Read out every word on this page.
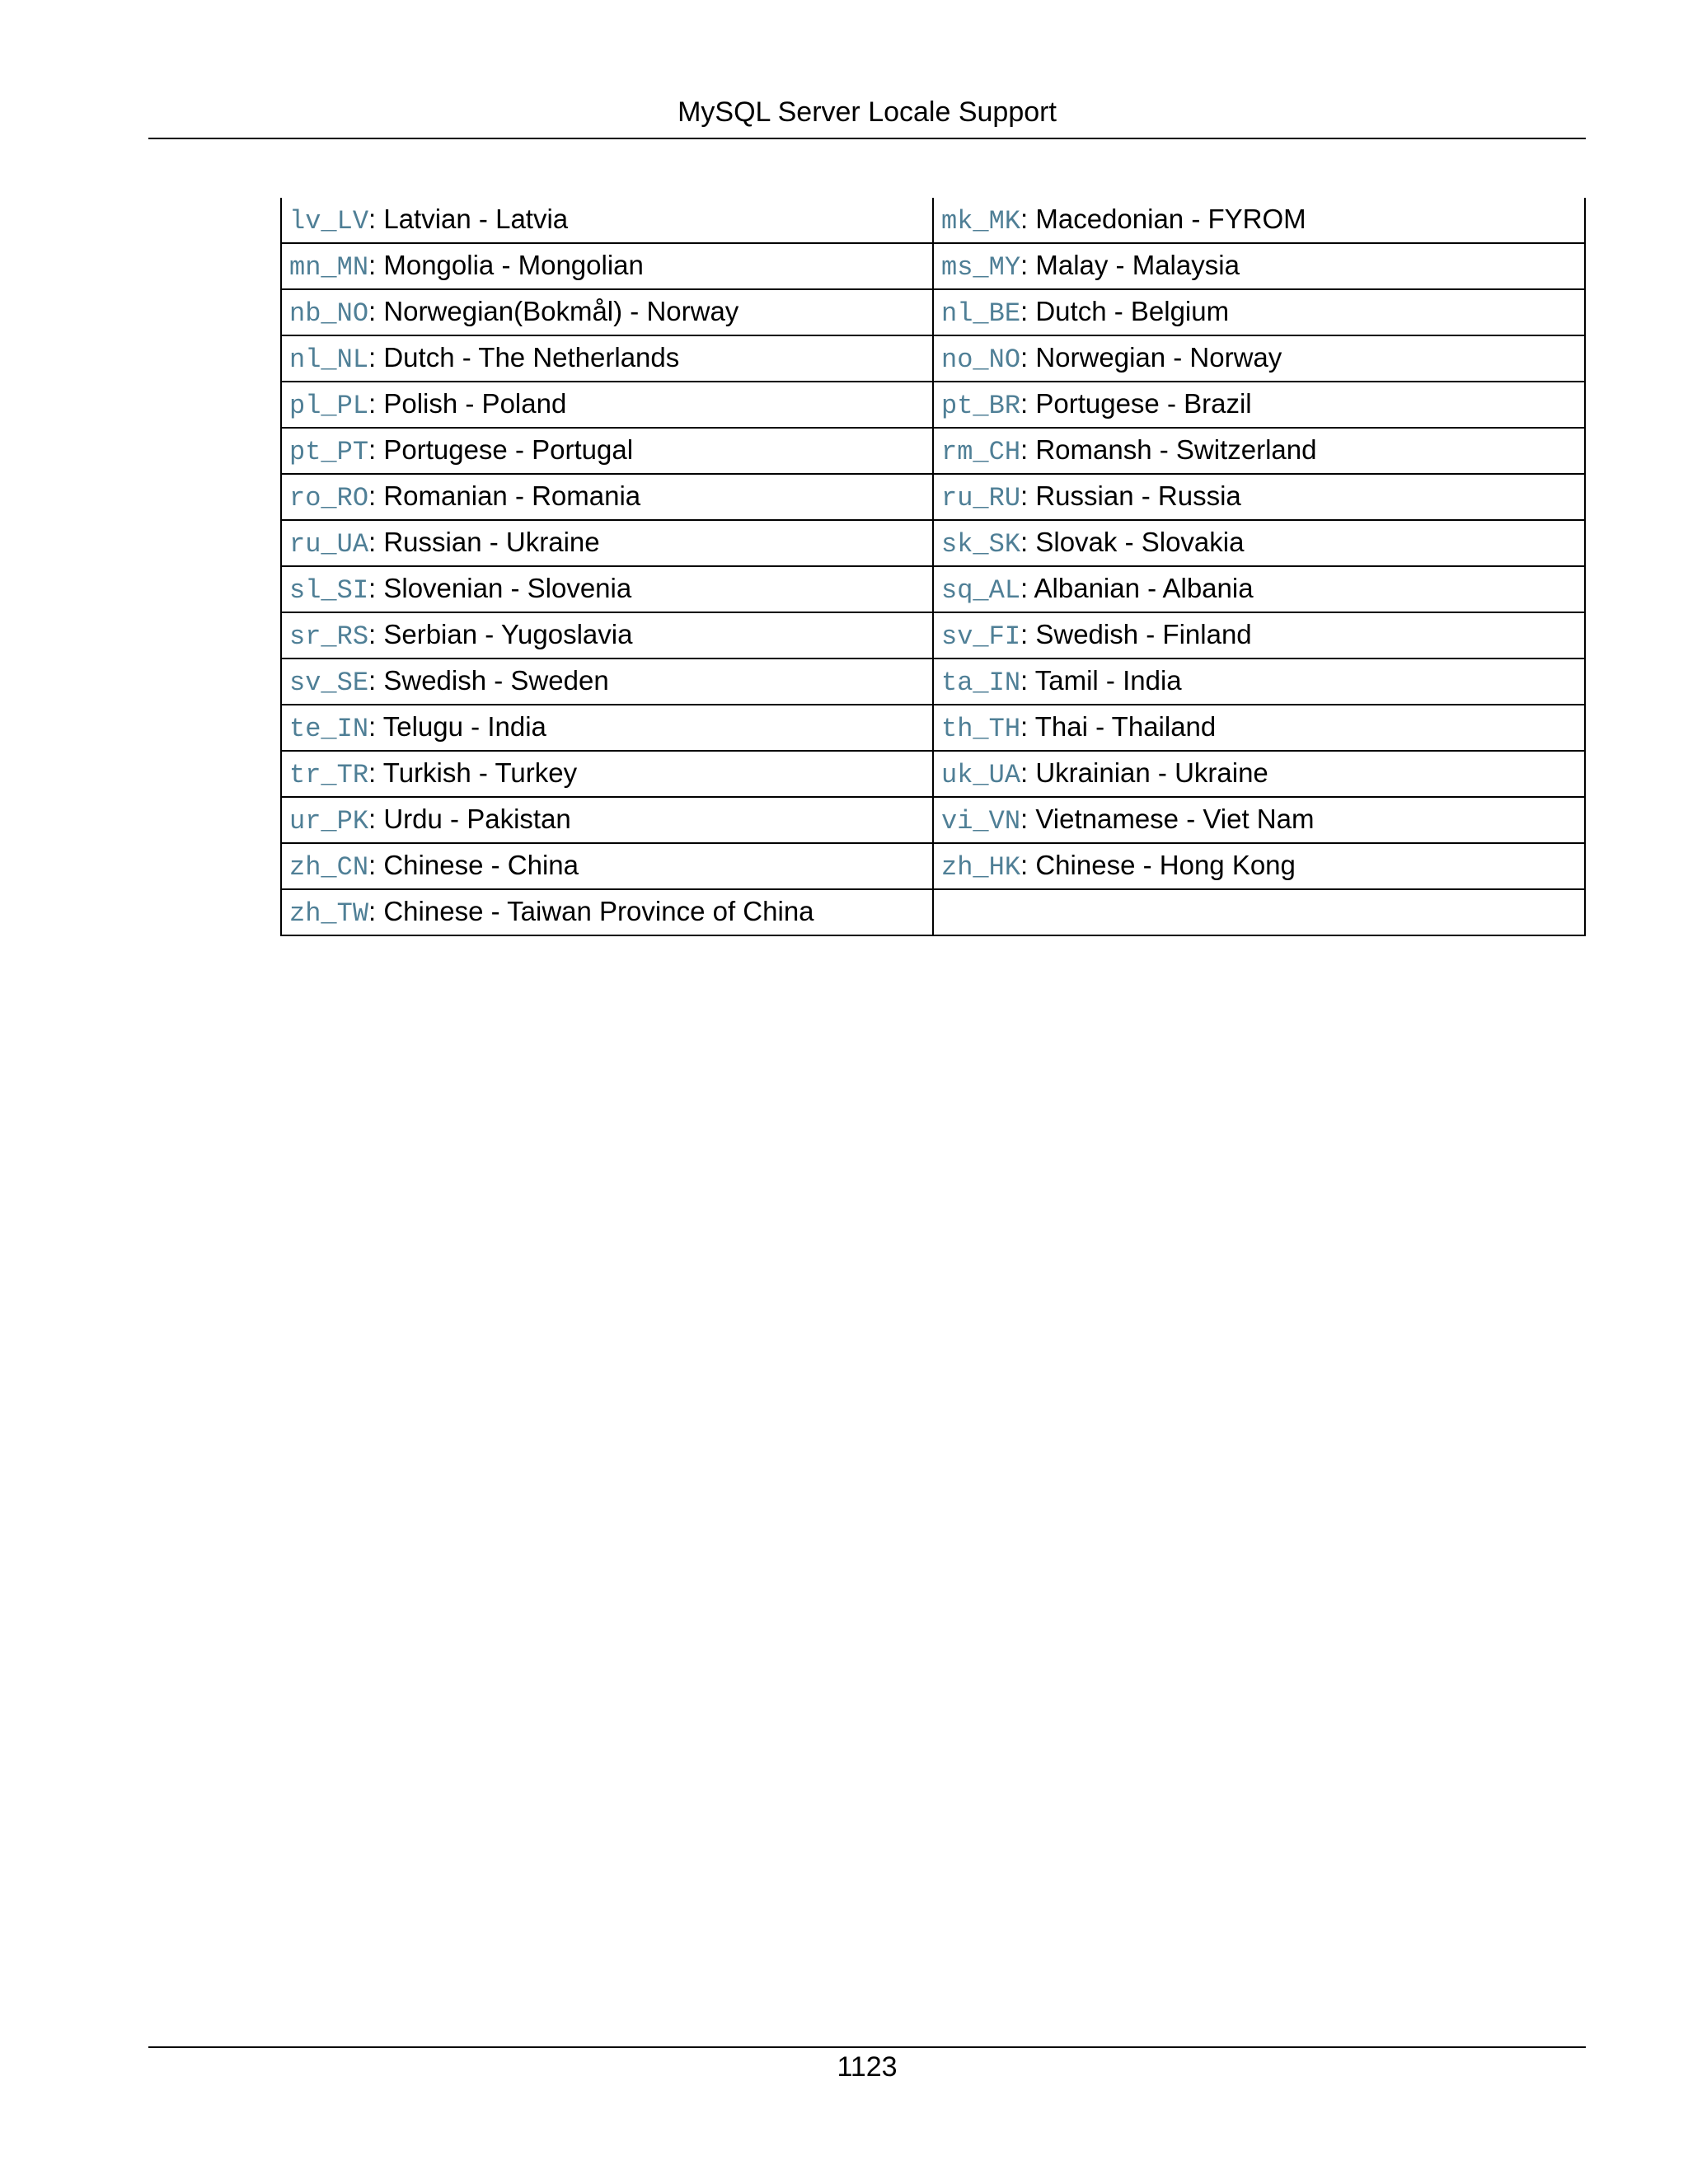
MySQL Server Locale Support
lv_LV: Latvian - Latvia	mk_MK: Macedonian - FYROM
mn_MN: Mongolia - Mongolian	ms_MY: Malay - Malaysia
nb_NO: Norwegian(Bokmål) - Norway	nl_BE: Dutch - Belgium
nl_NL: Dutch - The Netherlands	no_NO: Norwegian - Norway
pl_PL: Polish - Poland	pt_BR: Portugese - Brazil
pt_PT: Portugese - Portugal	rm_CH: Romansh - Switzerland
ro_RO: Romanian - Romania	ru_RU: Russian - Russia
ru_UA: Russian - Ukraine	sk_SK: Slovak - Slovakia
sl_SI: Slovenian - Slovenia	sq_AL: Albanian - Albania
sr_RS: Serbian - Yugoslavia	sv_FI: Swedish - Finland
sv_SE: Swedish - Sweden	ta_IN: Tamil - India
te_IN: Telugu - India	th_TH: Thai - Thailand
tr_TR: Turkish - Turkey	uk_UA: Ukrainian - Ukraine
ur_PK: Urdu - Pakistan	vi_VN: Vietnamese - Viet Nam
zh_CN: Chinese - China	zh_HK: Chinese - Hong Kong
zh_TW: Chinese - Taiwan Province of China	
1123
